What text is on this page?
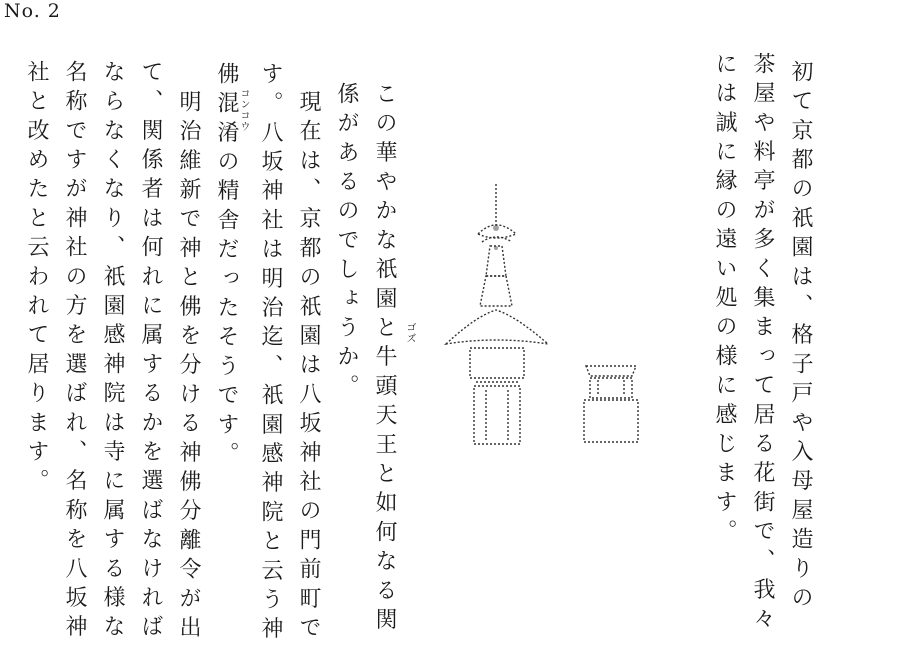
No. 2
初て京都の祇園は、格子戸や入母屋造りの
茶屋や料亭が多く集まって居る花街で、我々
には誠に縁の遠い処の様に感じます。
この華やかな祇園と牛頭天王と如何なる関 ゴズ
係があるのでしょうか。
現在は、京都の祇園は八坂神社の門前町で
す。八坂神社は明治迄、祇園感神院と云う神
佛混淆の精舎だったそうです。 コンコウ
明治維新で神と佛を分ける神佛分離令が出
て、関係者は何れに属するかを選ばなければ
ならなくなり、祇園感神院は寺に属する様な
名称ですが神社の方を選ばれ、名称を八坂神
社と改めたと云われて居ります。
